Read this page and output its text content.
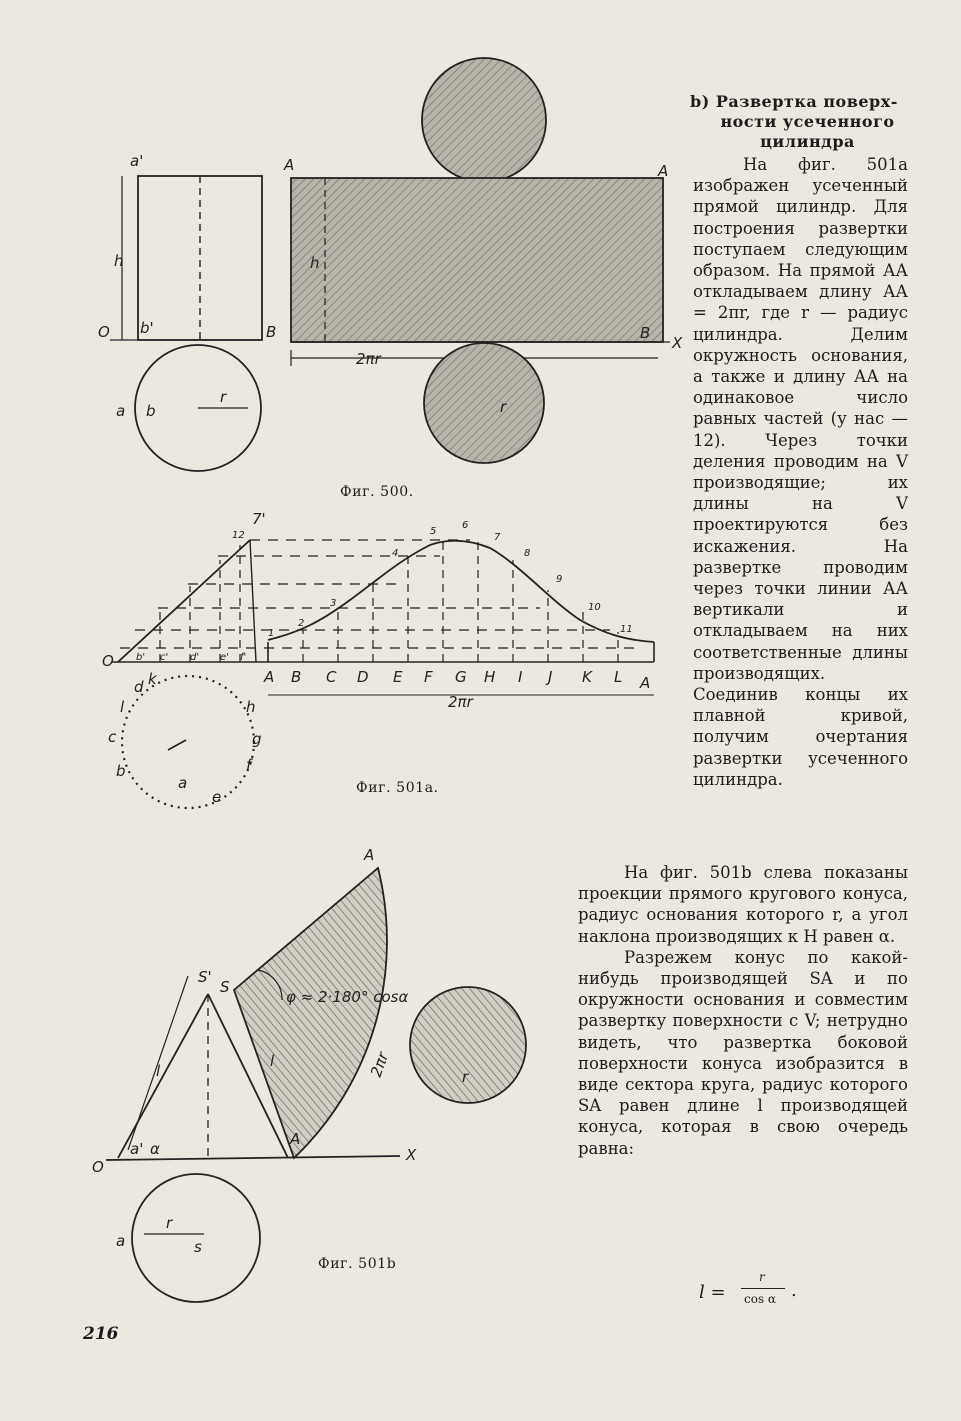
a'
h
O b'	B
A	A
h
B
X
2πr
a b
r
r
O
A	A
2πr
7'
B C D E F G H I J K L
1
2
3
4
5
6
7
8
9
10
11
12
a
b
c
d
e
f
g
h
k
l
b' c' d' e' f'
A
S'
S
l
l
a' α
O
X
A
φ ≈ 2·180° cosα
2πr	r
a
r
s
b) Развертка поверх-
ности усеченного
цилиндра

На фиг. 501а изображен усеченный прямой цилиндр. Для построения развертки поступаем следующим образом. На прямой АА откладываем длину АА = 2πr, где r — радиус цилиндра. Делим окружность основания, а также и длину АА на одинаковое число равных частей (у нас — 12). Через точки деления проводим на V производящие; их длины на V проектируются без искажения. На развертке проводим через точки линии АА вертикали и откладываем на них соответственные длины производящих. Соединив концы их плавной кривой, получим очертания развертки усеченного цилиндра.

На фиг. 501b слева показаны проекции прямого кругового конуса, радиус основания которого r, а угол наклона производящих к H равен α.

Разрежем конус по какой-нибудь производящей SA и по окружности основания и совместим развертку поверхности с V; нетрудно видеть, что развертка боковой поверхности конуса изобразится в виде сектора круга, радиус которого SA равен длине l производящей конуса, которая в свою очередь равна:

Фиг. 500.
Фиг. 501а.
Фиг. 501b
l =
r
cos α .
216
